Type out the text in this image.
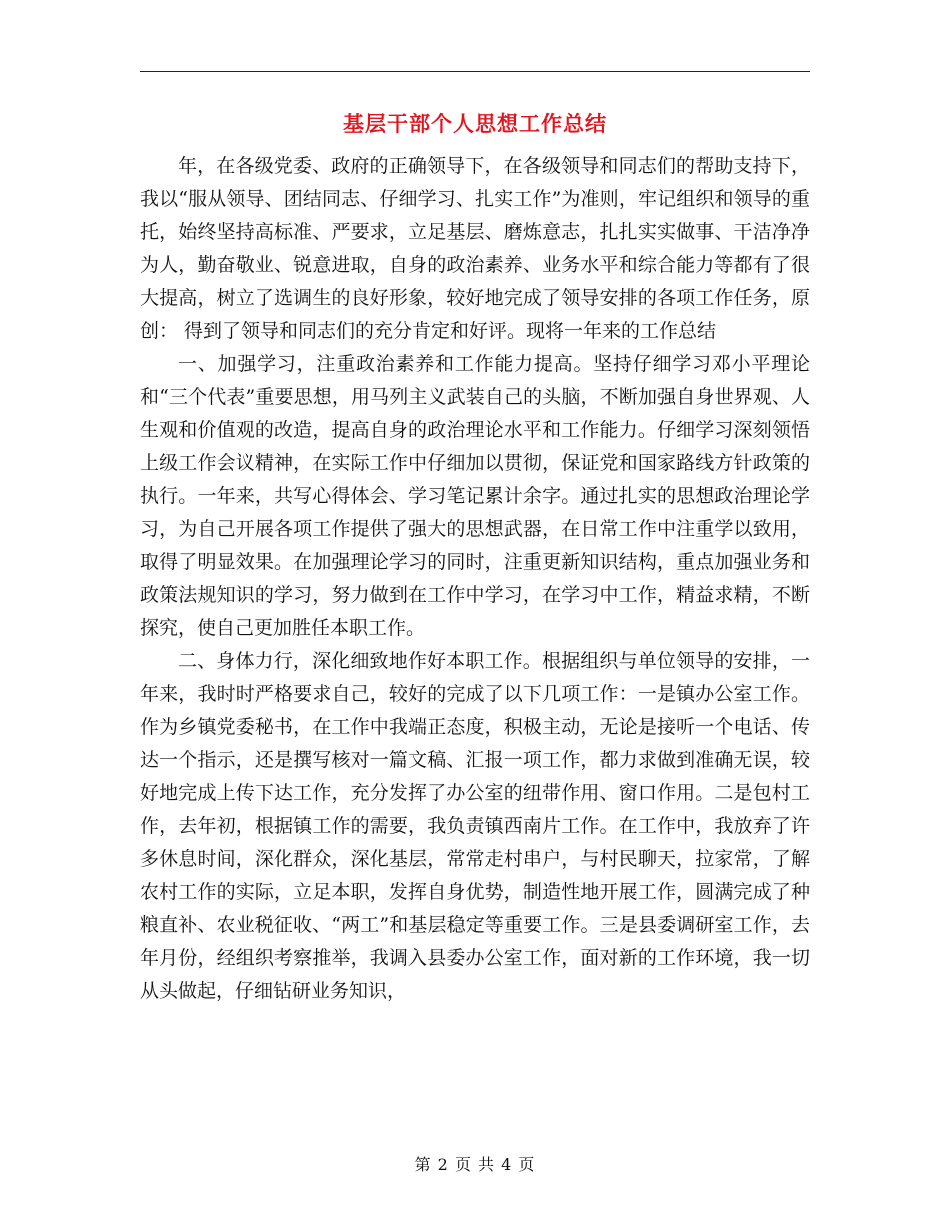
基层干部个人思想工作总结

年，在各级党委、政府的正确领导下，在各级领导和同志们的帮助支持下，我以“服从领导、团结同志、仔细学习、扎实工作”为准则，牢记组织和领导的重托，始终坚持高标准、严要求，立足基层、磨炼意志，扎扎实实做事、干洁净净为人，勤奋敬业、锐意进取，自身的政治素养、业务水平和综合能力等都有了很大提高，树立了选调生的良好形象，较好地完成了领导安排的各项工作任务，原创： 得到了领导和同志们的充分肯定和好评。现将一年来的工作总结

一、加强学习，注重政治素养和工作能力提高。坚持仔细学习邓小平理论和“三个代表”重要思想，用马列主义武装自己的头脑，不断加强自身世界观、人生观和价值观的改造，提高自身的政治理论水平和工作能力。仔细学习深刻领悟上级工作会议精神，在实际工作中仔细加以贯彻，保证党和国家路线方针政策的执行。一年来，共写心得体会、学习笔记累计余字。通过扎实的思想政治理论学习，为自己开展各项工作提供了强大的思想武器，在日常工作中注重学以致用，取得了明显效果。在加强理论学习的同时，注重更新知识结构，重点加强业务和政策法规知识的学习，努力做到在工作中学习，在学习中工作，精益求精，不断探究，使自己更加胜任本职工作。

二、身体力行，深化细致地作好本职工作。根据组织与单位领导的安排，一年来，我时时严格要求自己，较好的完成了以下几项工作：一是镇办公室工作。作为乡镇党委秘书，在工作中我端正态度，积极主动，无论是接听一个电话、传达一个指示，还是撰写核对一篇文稿、汇报一项工作，都力求做到准确无误，较好地完成上传下达工作，充分发挥了办公室的纽带作用、窗口作用。二是包村工作，去年初，根据镇工作的需要，我负责镇西南片工作。在工作中，我放弃了许多休息时间，深化群众，深化基层，常常走村串户，与村民聊天，拉家常，了解农村工作的实际，立足本职，发挥自身优势，制造性地开展工作，圆满完成了种粮直补、农业税征收、“两工”和基层稳定等重要工作。三是县委调研室工作，去年月份，经组织考察推举，我调入县委办公室工作，面对新的工作环境，我一切从头做起，仔细钻研业务知识，

第 2 页 共 4 页
